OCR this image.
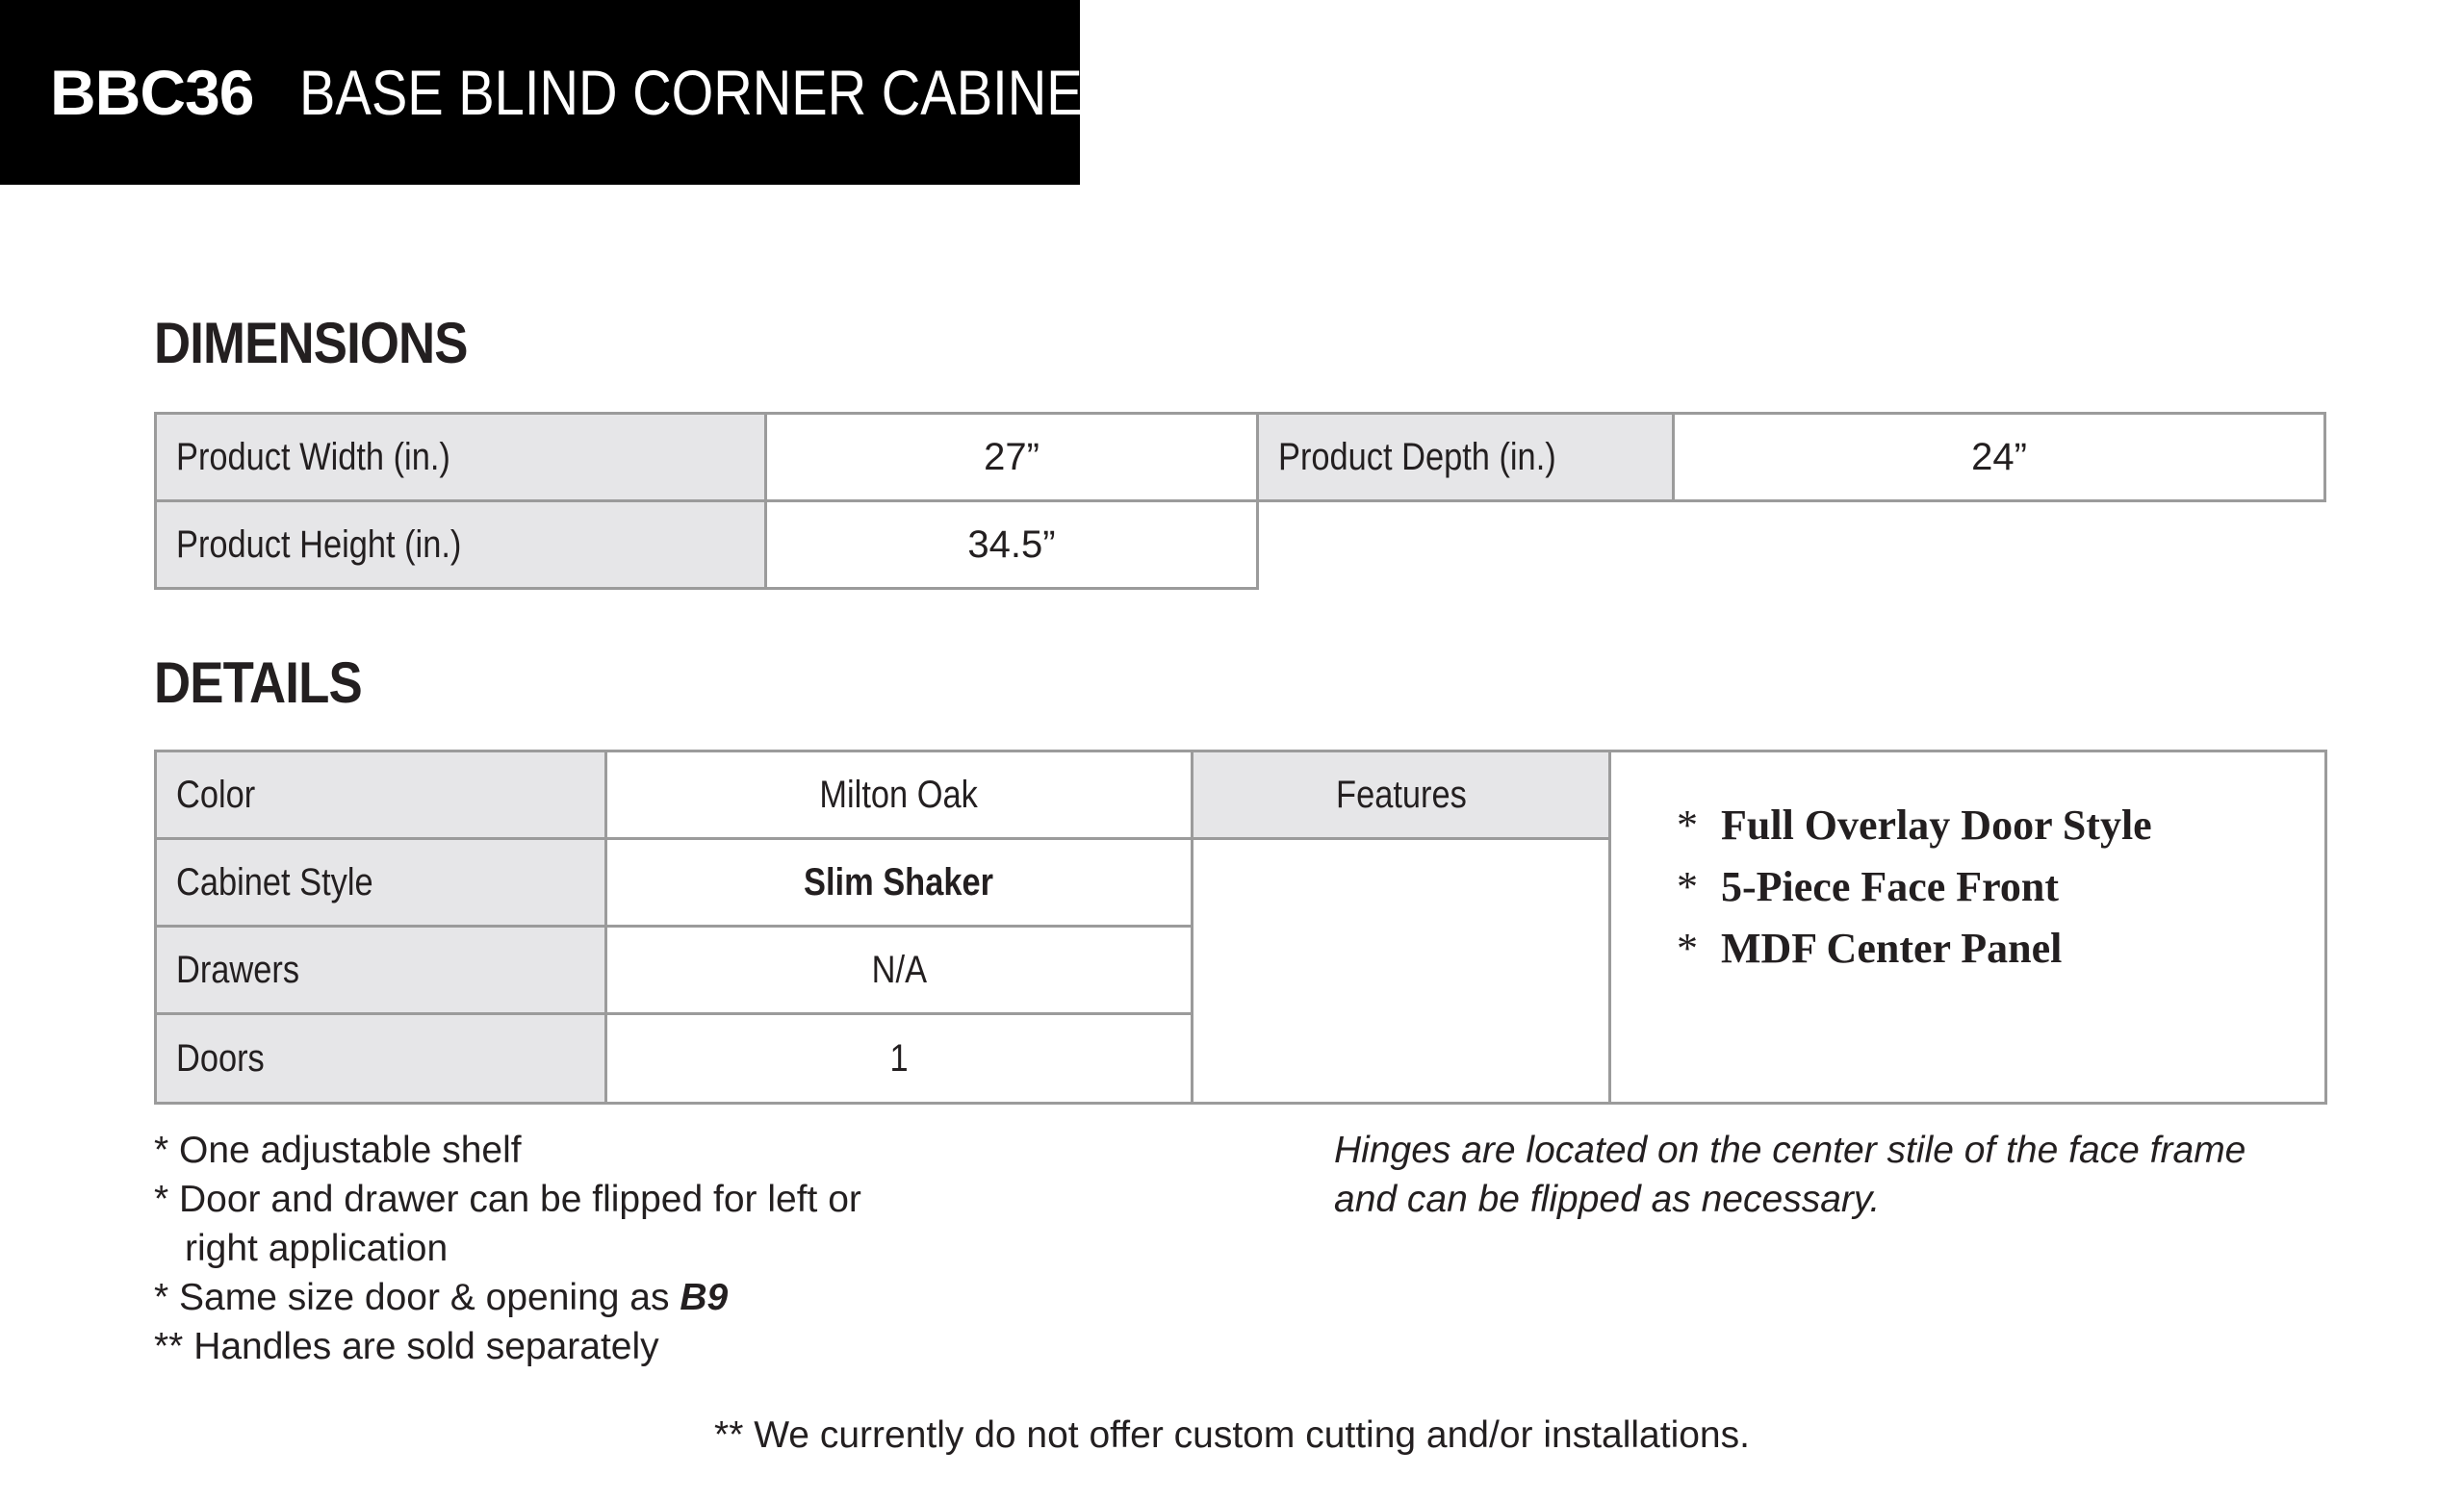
BBC36 BASE BLIND CORNER CABINET
DIMENSIONS
Product Width (in.)	27”	Product Depth (in.)	24”
Product Height (in.)	34.5”
DETAILS
Color	Milton Oak
Cabinet Style	Slim Shaker
Drawers	N/A
Doors	1
Features
* Full Overlay Door Style
* 5-Piece Face Front
* MDF Center Panel
* One adjustable shelf
* Door and drawer can be flipped for left or
right application
* Same size door & opening as B9
** Handles are sold separately
Hinges are located on the center stile of the face frame
and can be flipped as necessary.
** We currently do not offer custom cutting and/or installations.
